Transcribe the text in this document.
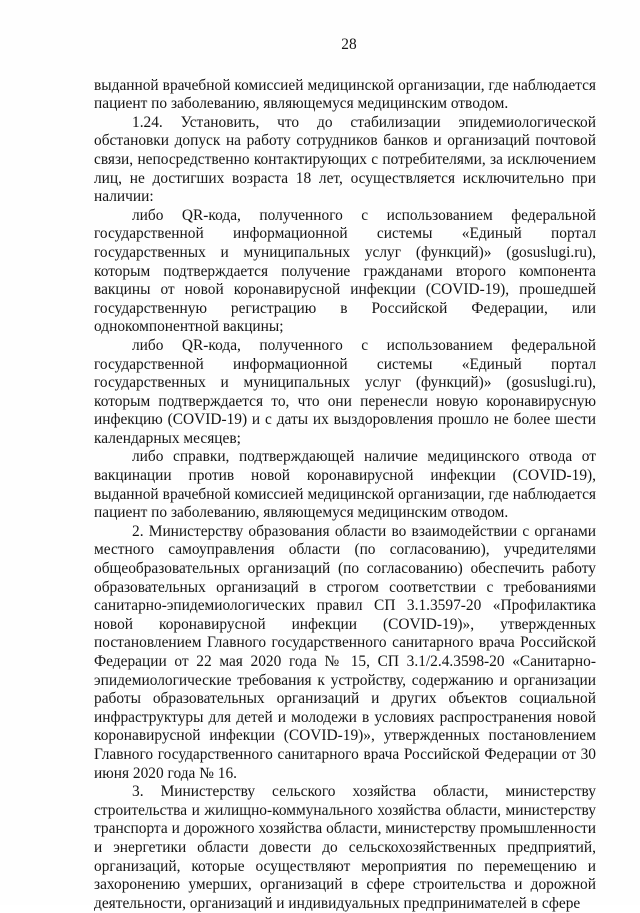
28

выданной врачебной комиссией медицинской организации, где наблюдается пациент по заболеванию, являющемуся медицинским отводом.

1.24. Установить, что до стабилизации эпидемиологической обстановки допуск на работу сотрудников банков и организаций почтовой связи, непосредственно контактирующих с потребителями, за исключением лиц, не достигших возраста 18 лет, осуществляется исключительно при наличии:

либо QR-кода, полученного с использованием федеральной государственной информационной системы «Единый портал государственных и муниципальных услуг (функций)» (gosuslugi.ru), которым подтверждается получение гражданами второго компонента вакцины от новой коронавирусной инфекции (COVID-19), прошедшей государственную регистрацию в Российской Федерации, или однокомпонентной вакцины;

либо QR-кода, полученного с использованием федеральной государственной информационной системы «Единый портал государственных и муниципальных услуг (функций)» (gosuslugi.ru), которым подтверждается то, что они перенесли новую коронавирусную инфекцию (COVID-19) и с даты их выздоровления прошло не более шести календарных месяцев;

либо справки, подтверждающей наличие медицинского отвода от вакцинации против новой коронавирусной инфекции (COVID-19), выданной врачебной комиссией медицинской организации, где наблюдается пациент по заболеванию, являющемуся медицинским отводом.

2. Министерству образования области во взаимодействии с органами местного самоуправления области (по согласованию), учредителями общеобразовательных организаций (по согласованию) обеспечить работу образовательных организаций в строгом соответствии с требованиями санитарно-эпидемиологических правил СП 3.1.3597-20 «Профилактика новой коронавирусной инфекции (COVID-19)», утвержденных постановлением Главного государственного санитарного врача Российской Федерации от 22 мая 2020 года № 15, СП 3.1/2.4.3598-20 «Санитарно-эпидемиологические требования к устройству, содержанию и организации работы образовательных организаций и других объектов социальной инфраструктуры для детей и молодежи в условиях распространения новой коронавирусной инфекции (COVID-19)», утвержденных постановлением Главного государственного санитарного врача Российской Федерации от 30 июня 2020 года № 16.

3. Министерству сельского хозяйства области, министерству строительства и жилищно-коммунального хозяйства области, министерству транспорта и дорожного хозяйства области, министерству промышленности и энергетики области довести до сельскохозяйственных предприятий, организаций, которые осуществляют мероприятия по перемещению и захоронению умерших, организаций в сфере строительства и дорожной деятельности, организаций и индивидуальных предпринимателей в сфере
